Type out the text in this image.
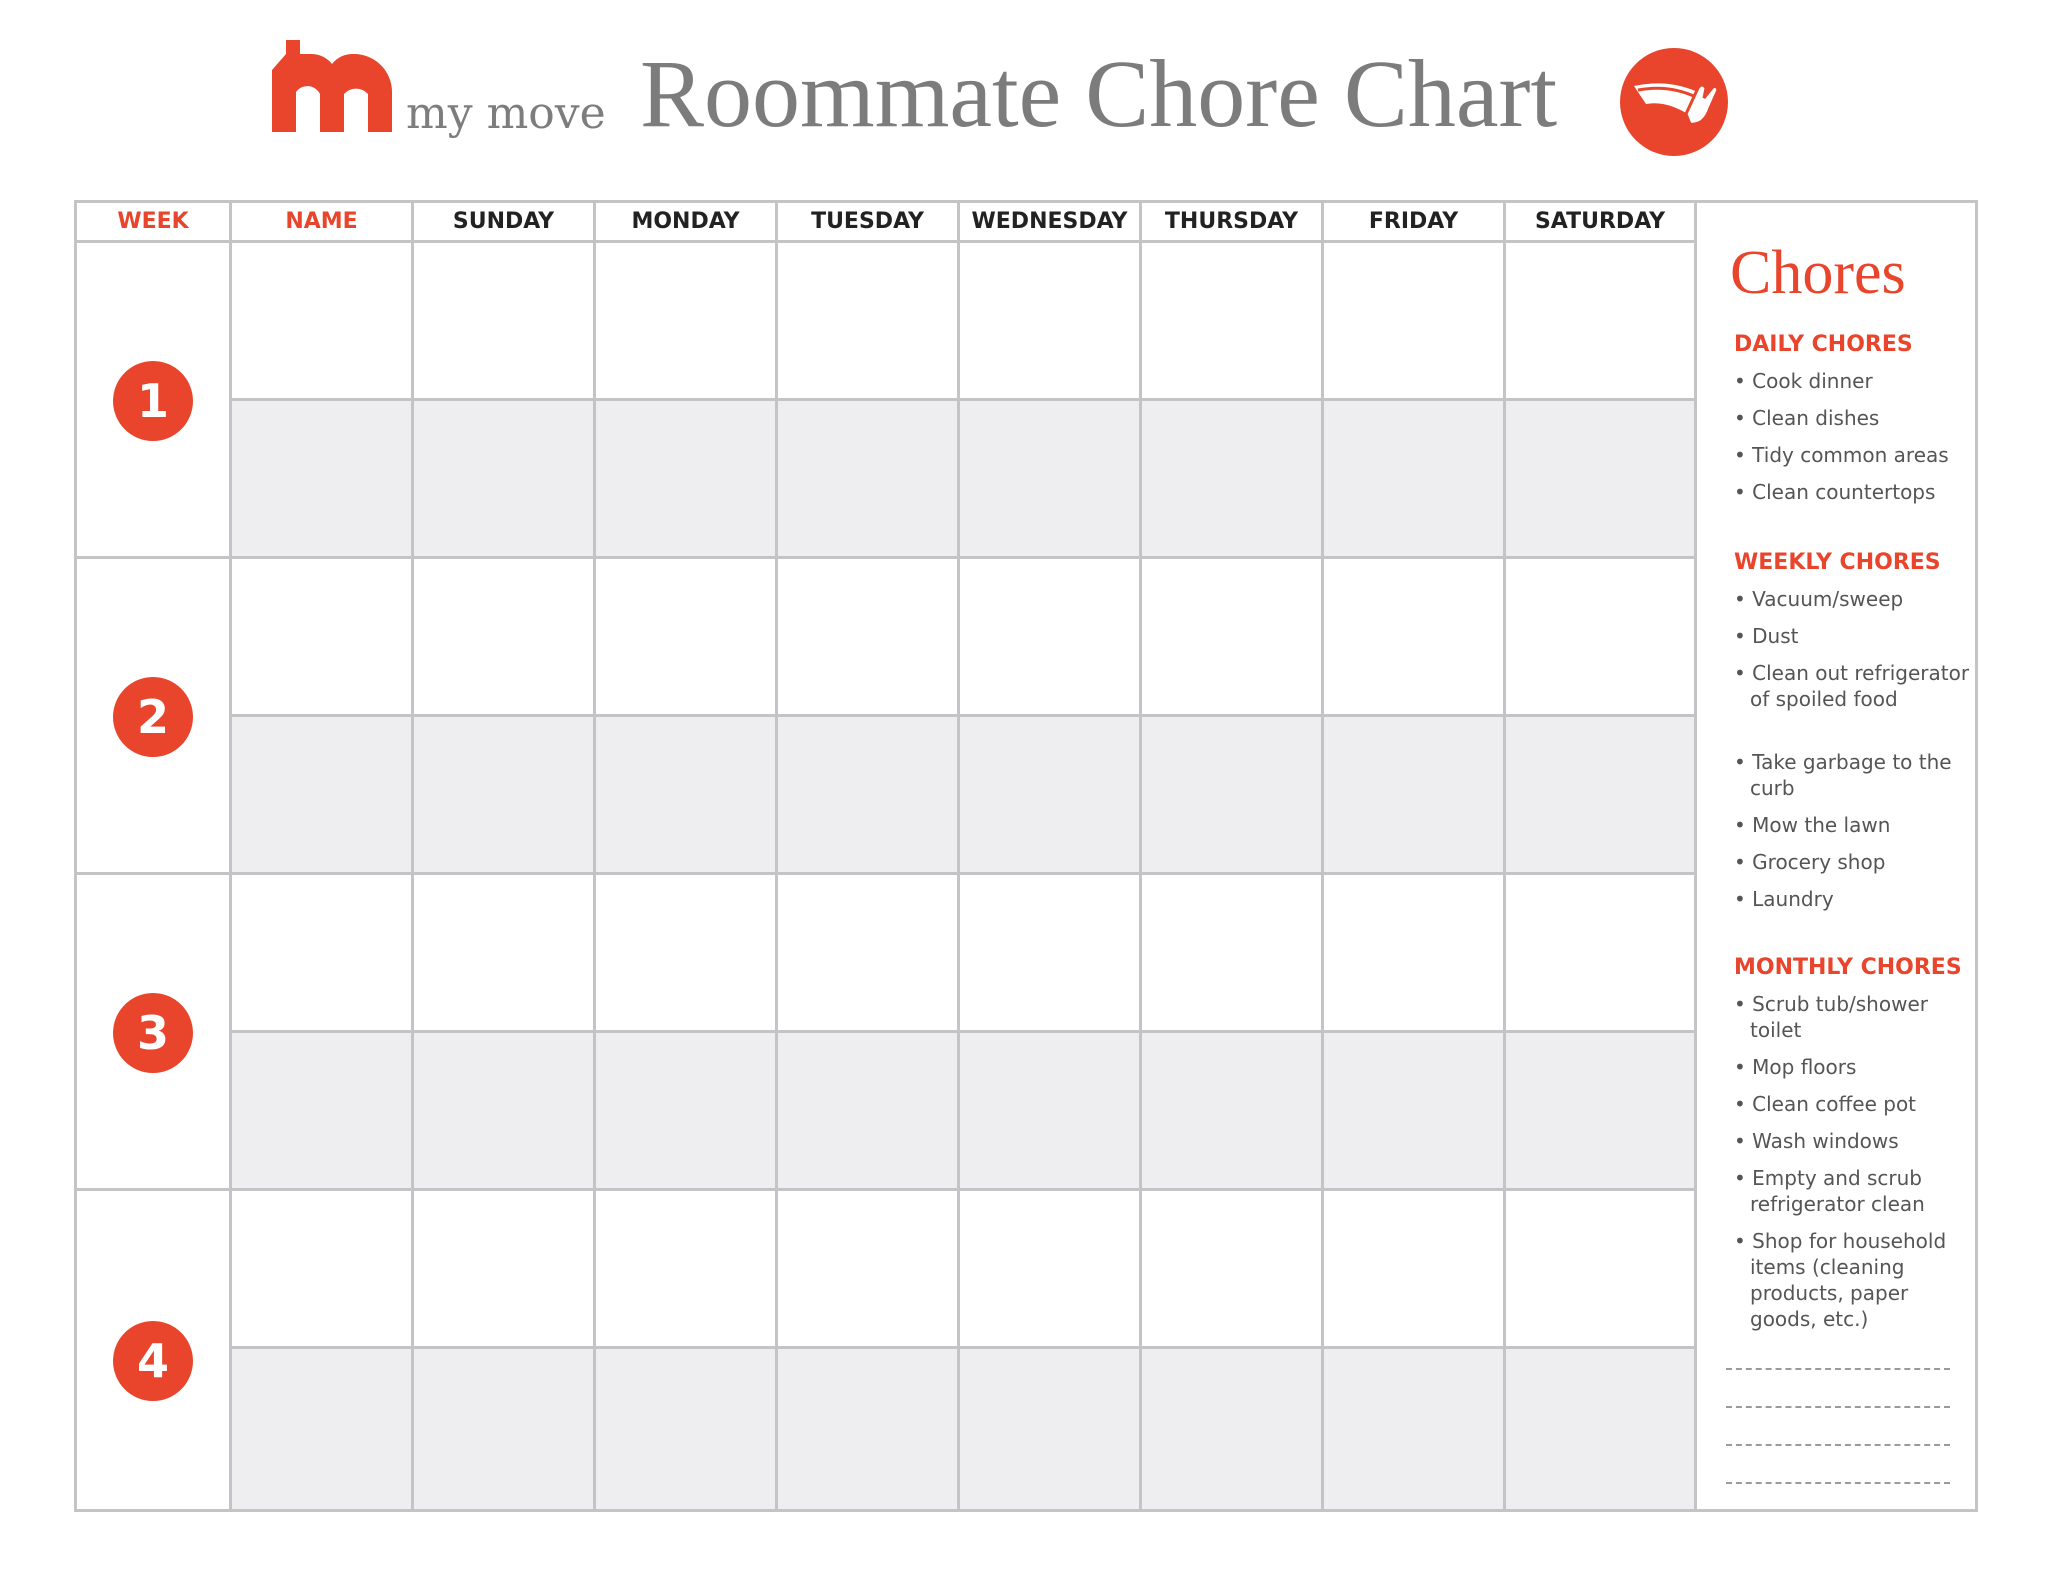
my move Roommate Chore Chart
WEEK	NAME	SUNDAY	MONDAY	TUESDAY	WEDNESDAY	THURSDAY	FRIDAY	SATURDAY
1
2
3
4
Chores
DAILY CHORES
• Cook dinner
• Clean dishes
• Tidy common areas
• Clean countertops
WEEKLY CHORES
• Vacuum/sweep
• Dust
• Clean out refrigerator of spoiled food
• Take garbage to the curb
• Mow the lawn
• Grocery shop
• Laundry
MONTHLY CHORES
• Scrub tub/shower toilet
• Mop floors
• Clean coffee pot
• Wash windows
• Empty and scrub refrigerator clean
• Shop for household items (cleaning products, paper goods, etc.)
